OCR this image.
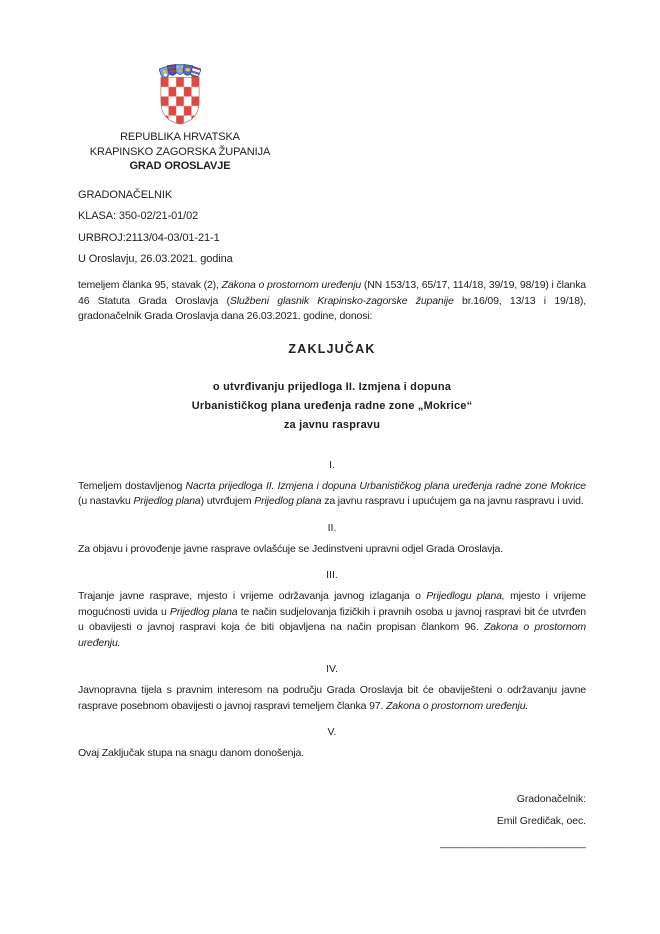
REPUBLIKA HRVATSKA
KRAPINSKO ZAGORSKA ŽUPANIJA
GRAD OROSLAVJE

GRADONAČELNIK

KLASA: 350-02/21-01/02

URBROJ:2113/04-03/01-21-1

U Oroslavju, 26.03.2021. godina

temeljem članka 95, stavak (2), Zakona o prostornom uređenju (NN 153/13, 65/17, 114/18, 39/19, 98/19) i članka 46 Statuta Grada Oroslavja (Službeni glasnik Krapinsko-zagorske županije br.16/09, 13/13 i 19/18), gradonačelnik Grada Oroslavja dana 26.03.2021. godine, donosi:

ZAKLJUČAK

o utvrđivanju prijedloga II. Izmjena i dopuna

Urbanističkog plana uređenja radne zone „Mokrice“

za javnu raspravu

I.

Temeljem dostavljenog Nacrta prijedloga II. Izmjena i dopuna Urbanističkog plana uređenja radne zone Mokrice (u nastavku Prijedlog plana) utvrđujem Prijedlog plana za javnu raspravu i upućujem ga na javnu raspravu i uvid.

II.

Za objavu i provođenje javne rasprave ovlašćuje se Jedinstveni upravni odjel Grada Oroslavja.

III.

Trajanje javne rasprave, mjesto i vrijeme održavanja javnog izlaganja o Prijedlogu plana, mjesto i vrijeme mogućnosti uvida u Prijedlog plana te način sudjelovanja fizičkih i pravnih osoba u javnoj raspravi bit će utvrđen u obavijesti o javnoj raspravi koja će biti objavljena na način propisan člankom 96. Zakona o prostornom uređenju.

IV.

Javnopravna tijela s pravnim interesom na području Grada Oroslavja bit će obaviješteni o održavanju javne rasprave posebnom obavijesti o javnoj raspravi temeljem članka 97. Zakona o prostornom uređenju.

V.

Ovaj Zaključak stupa na snagu danom donošenja.

Gradonačelnik:

Emil Gredičak, oec.

_________________________
